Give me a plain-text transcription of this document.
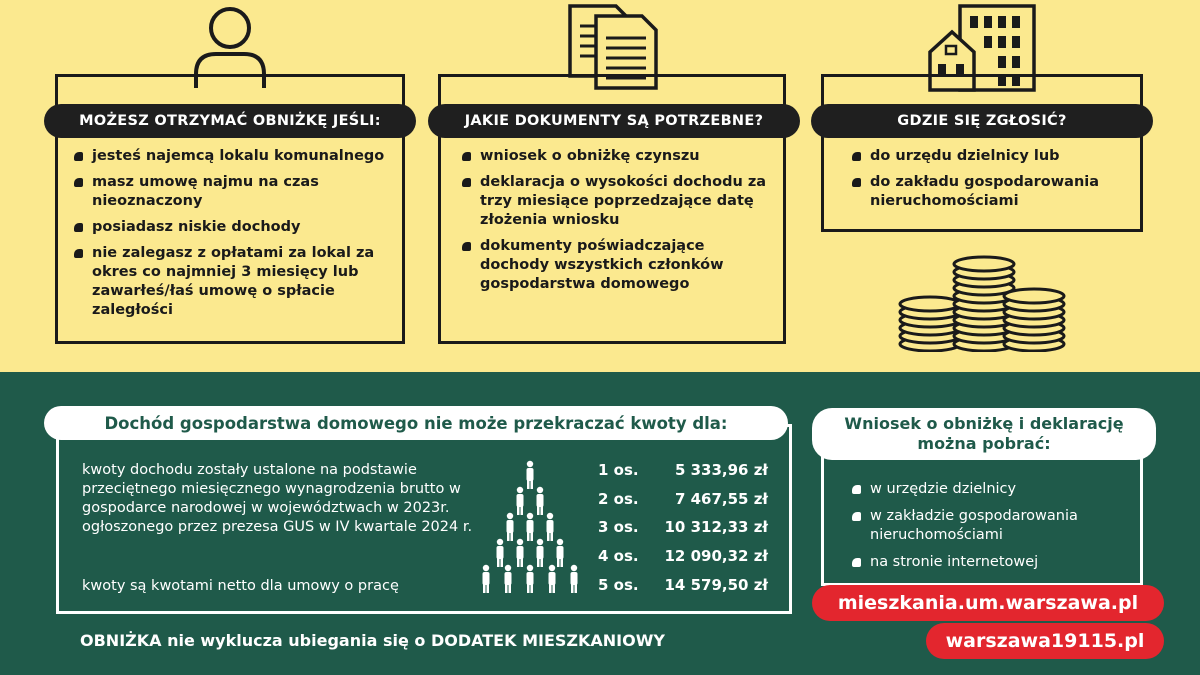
MOŻESZ OTRZYMAĆ OBNIŻKĘ JEŚLI:
jesteś najemcą lokalu komunalnego
masz umowę najmu na czas nieoznaczony
posiadasz niskie dochody
nie zalegasz z opłatami za lokal za okres co najmniej 3 miesięcy lub zawarłeś/łaś umowę o spłacie zaległości
JAKIE DOKUMENTY SĄ POTRZEBNE?
wniosek o obniżkę czynszu
deklaracja o wysokości dochodu za trzy miesiące poprzedzające datę złożenia wniosku
dokumenty poświadczające dochody wszystkich członków gospodarstwa domowego
GDZIE SIĘ ZGŁOSIĆ?
do urzędu dzielnicy lub
do zakładu gospodarowania nieruchomościami
Dochód gospodarstwa domowego nie może przekraczać kwoty dla:
kwoty dochodu zostały ustalone na podstawie przeciętnego miesięcznego wynagrodzenia brutto w gospodarce narodowej w województwach w 2023r. ogłoszonego przez prezesa GUS w IV kwartale 2024 r.
kwoty są kwotami netto dla umowy o pracę
1 os.	5 333,96 zł
2 os.	7 467,55 zł
3 os.	10 312,33 zł
4 os.	12 090,32 zł
5 os.	14 579,50 zł
OBNIŻKA nie wyklucza ubiegania się o DODATEK MIESZKANIOWY
Wniosek o obniżkę i deklarację można pobrać:
w urzędzie dzielnicy
w zakładzie gospodarowania nieruchomościami
na stronie internetowej
mieszkania.um.warszawa.pl
warszawa19115.pl
